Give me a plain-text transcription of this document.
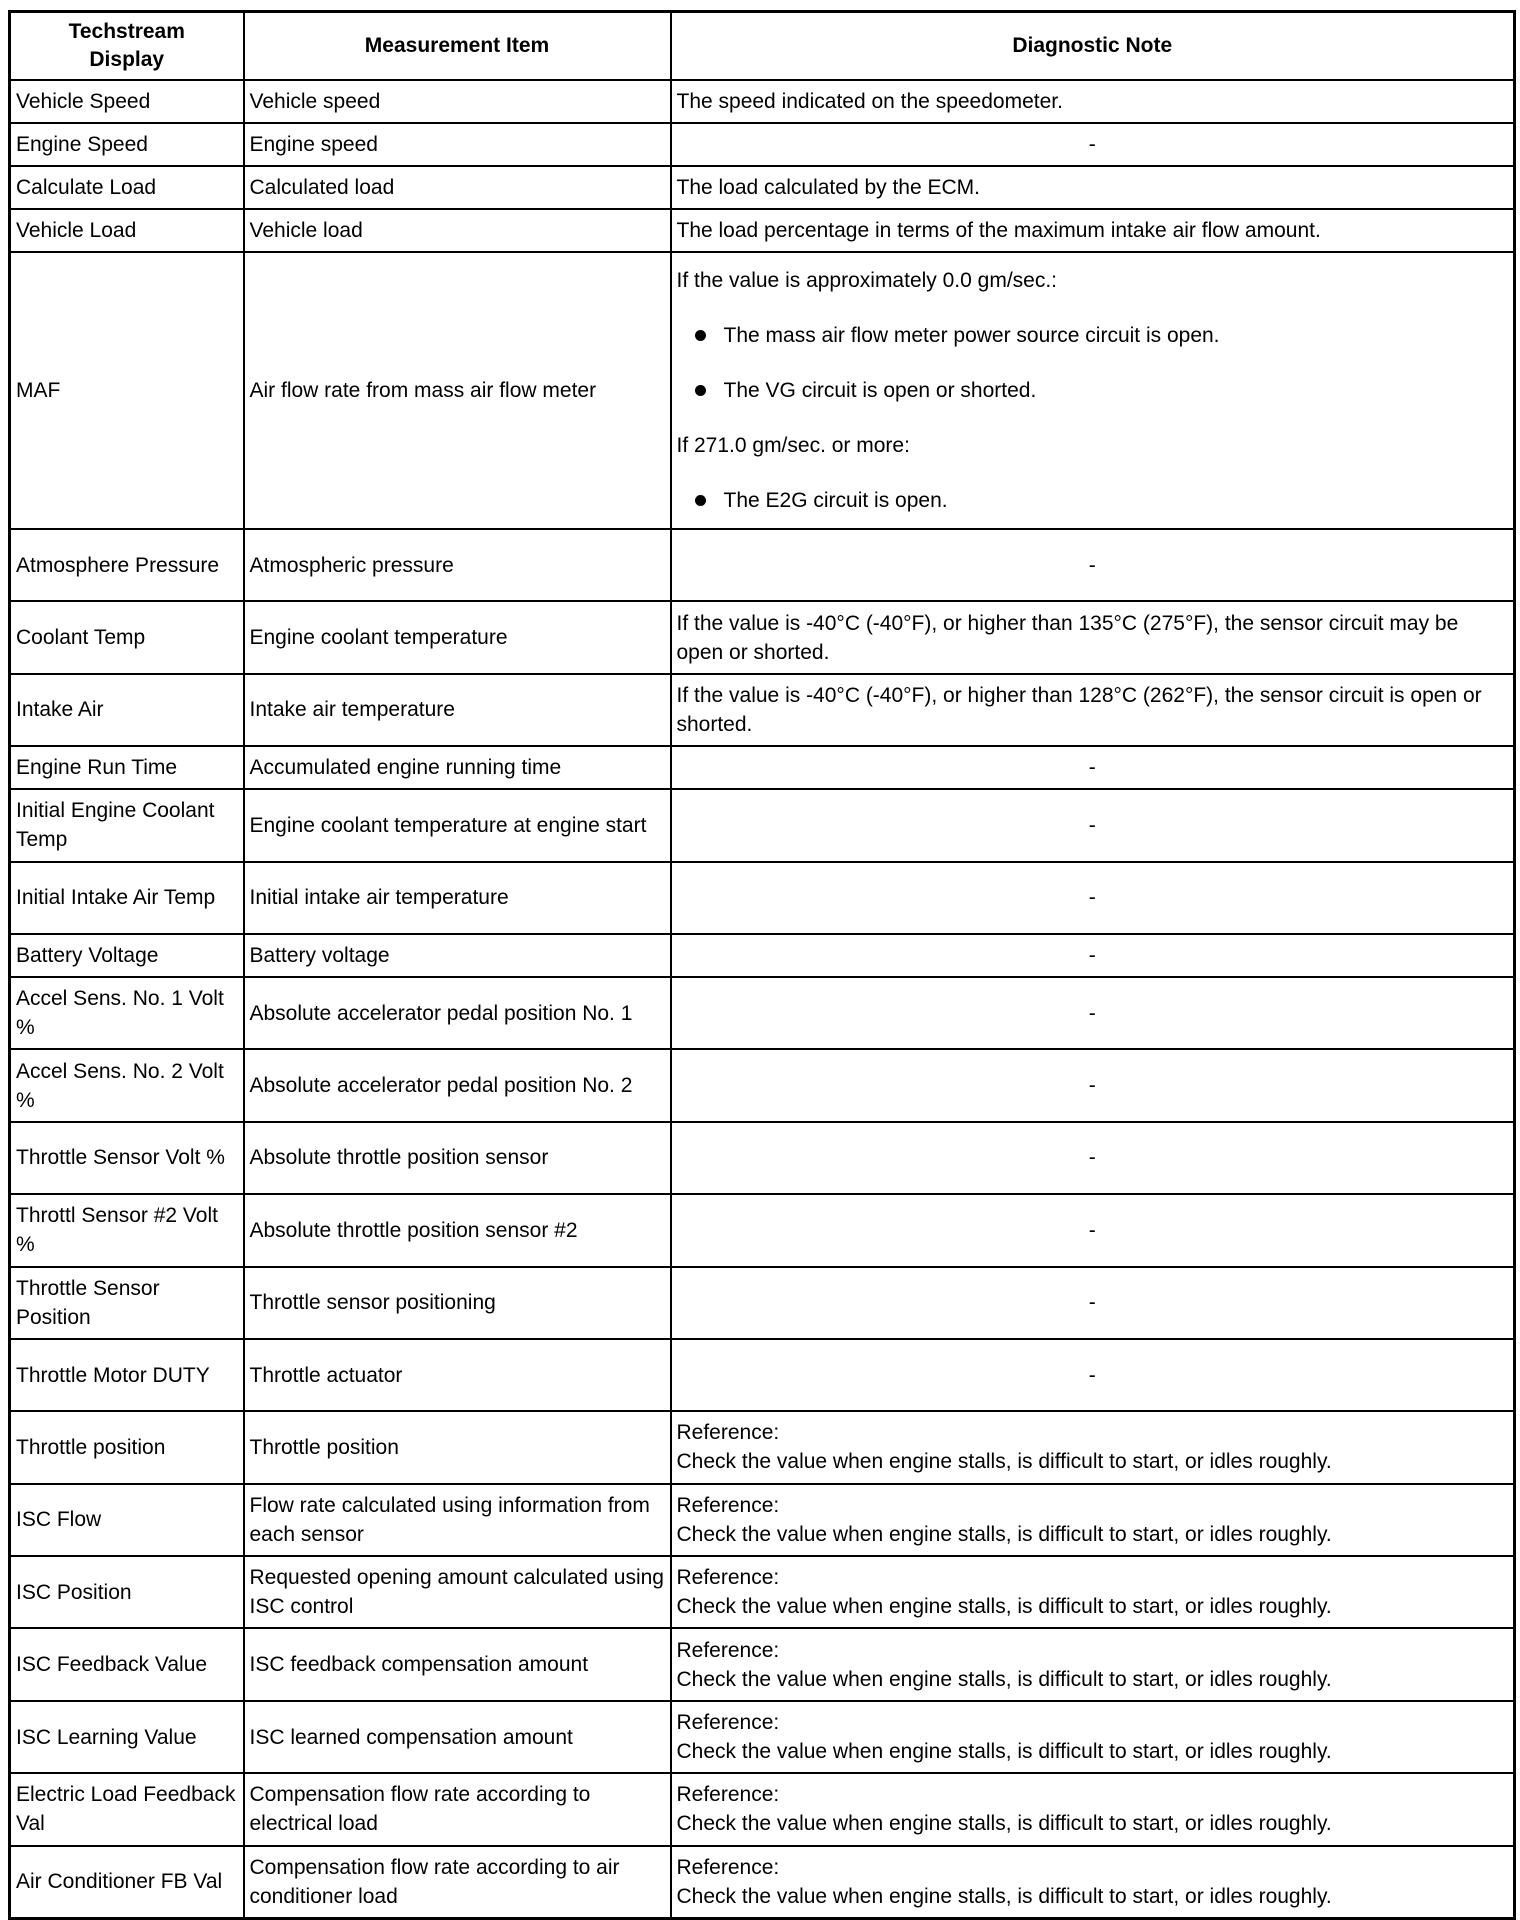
Techstream Display	Measurement Item	Diagnostic Note
Vehicle Speed	Vehicle speed	The speed indicated on the speedometer.
Engine Speed	Engine speed	-
Calculate Load	Calculated load	The load calculated by the ECM.
Vehicle Load	Vehicle load	The load percentage in terms of the maximum intake air flow amount.
MAF	Air flow rate from mass air flow meter	If the value is approximately 0.0 gm/sec.:

The mass air flow meter power source circuit is open.

The VG circuit is open or shorted.

If 271.0 gm/sec. or more:

The E2G circuit is open.

Atmosphere Pressure	Atmospheric pressure	-
Coolant Temp	Engine coolant temperature	If the value is -40°C (-40°F), or higher than 135°C (275°F), the sensor circuit may be open or shorted.
Intake Air	Intake air temperature	If the value is -40°C (-40°F), or higher than 128°C (262°F), the sensor circuit is open or shorted.
Engine Run Time	Accumulated engine running time	-
Initial Engine Coolant Temp	Engine coolant temperature at engine start	-
Initial Intake Air Temp	Initial intake air temperature	-
Battery Voltage	Battery voltage	-
Accel Sens. No. 1 Volt %	Absolute accelerator pedal position No. 1	-
Accel Sens. No. 2 Volt %	Absolute accelerator pedal position No. 2	-
Throttle Sensor Volt %	Absolute throttle position sensor	-
Throttl Sensor #2 Volt %	Absolute throttle position sensor #2	-
Throttle Sensor Position	Throttle sensor positioning	-
Throttle Motor DUTY	Throttle actuator	-
Throttle position	Throttle position	Reference:
Check the value when engine stalls, is difficult to start, or idles roughly.
ISC Flow	Flow rate calculated using information from each sensor	Reference:
Check the value when engine stalls, is difficult to start, or idles roughly.
ISC Position	Requested opening amount calculated using ISC control	Reference:
Check the value when engine stalls, is difficult to start, or idles roughly.
ISC Feedback Value	ISC feedback compensation amount	Reference:
Check the value when engine stalls, is difficult to start, or idles roughly.
ISC Learning Value	ISC learned compensation amount	Reference:
Check the value when engine stalls, is difficult to start, or idles roughly.
Electric Load Feedback Val	Compensation flow rate according to electrical load	Reference:
Check the value when engine stalls, is difficult to start, or idles roughly.
Air Conditioner FB Val	Compensation flow rate according to air conditioner load	Reference:
Check the value when engine stalls, is difficult to start, or idles roughly.
